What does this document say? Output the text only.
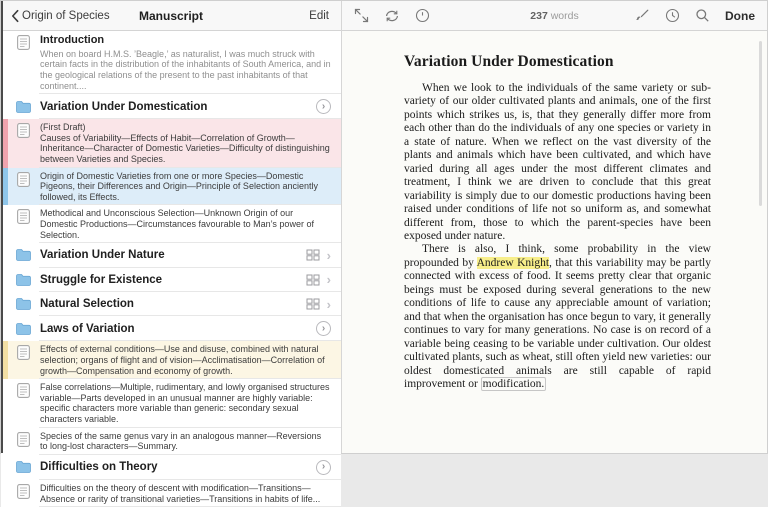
Origin of Species	Manuscript	Edit
Introduction
When on board H.M.S. ’Beagle,’ as naturalist, I was much struck with certain facts in the distribution of the inhabitants of South America, and in the geological relations of the present to the past inhabitants of that continent....
Variation Under Domestication	›
(First Draft)
Causes of Variability—Effects of Habit—Correlation of Growth—Inheritance—Character of Domestic Varieties—Difficulty of distinguishing between Varieties and Species.
Origin of Domestic Varieties from one or more Species—Domestic Pigeons, their Differences and Origin—Principle of Selection anciently followed, its Effects.
Methodical and Unconscious Selection—Unknown Origin of our Domestic Productions—Circumstances favourable to Man’s power of Selection.
Variation Under Nature	›
Struggle for Existence	›
Natural Selection	›
Laws of Variation	›
Effects of external conditions—Use and disuse, combined with natural selection; organs of flight and of vision—Acclimatisation—Correlation of growth—Compensation and economy of growth.
False correlations—Multiple, rudimentary, and lowly organised structures variable—Parts developed in an unusual manner are highly variable: specific characters more variable than generic: secondary sexual characters variable.
Species of the same genus vary in an analogous manner—Reversions to long-lost characters—Summary.
Difficulties on Theory	›
Difficulties on the theory of descent with modification—Transitions—Absence or rarity of transitional varieties—Transitions in habits of life...
237 words	Done
Variation Under Domestication

When we look to the individuals of the same variety or sub-variety of our older cultivated plants and animals, one of the first points which strikes us, is, that they generally differ more from each other than do the individuals of any one species or variety in a state of nature. When we reflect on the vast diversity of the plants and animals which have been cultivated, and which have varied during all ages under the most different climates and treatment, I think we are driven to conclude that this great variability is simply due to our domestic productions having been raised under conditions of life not so uniform as, and somewhat different from, those to which the parent-species have been exposed under nature.

There is also, I think, some probability in the view propounded by Andrew Knight, that this variability may be partly connected with excess of food. It seems pretty clear that organic beings must be exposed during several generations to the new conditions of life to cause any appreciable amount of variation; and that when the organisation has once begun to vary, it generally continues to vary for many generations. No case is on record of a variable being ceasing to be variable under cultivation. Our oldest cultivated plants, such as wheat, still often yield new varieties: our oldest domesticated animals are still capable of rapid improvement or modification.
